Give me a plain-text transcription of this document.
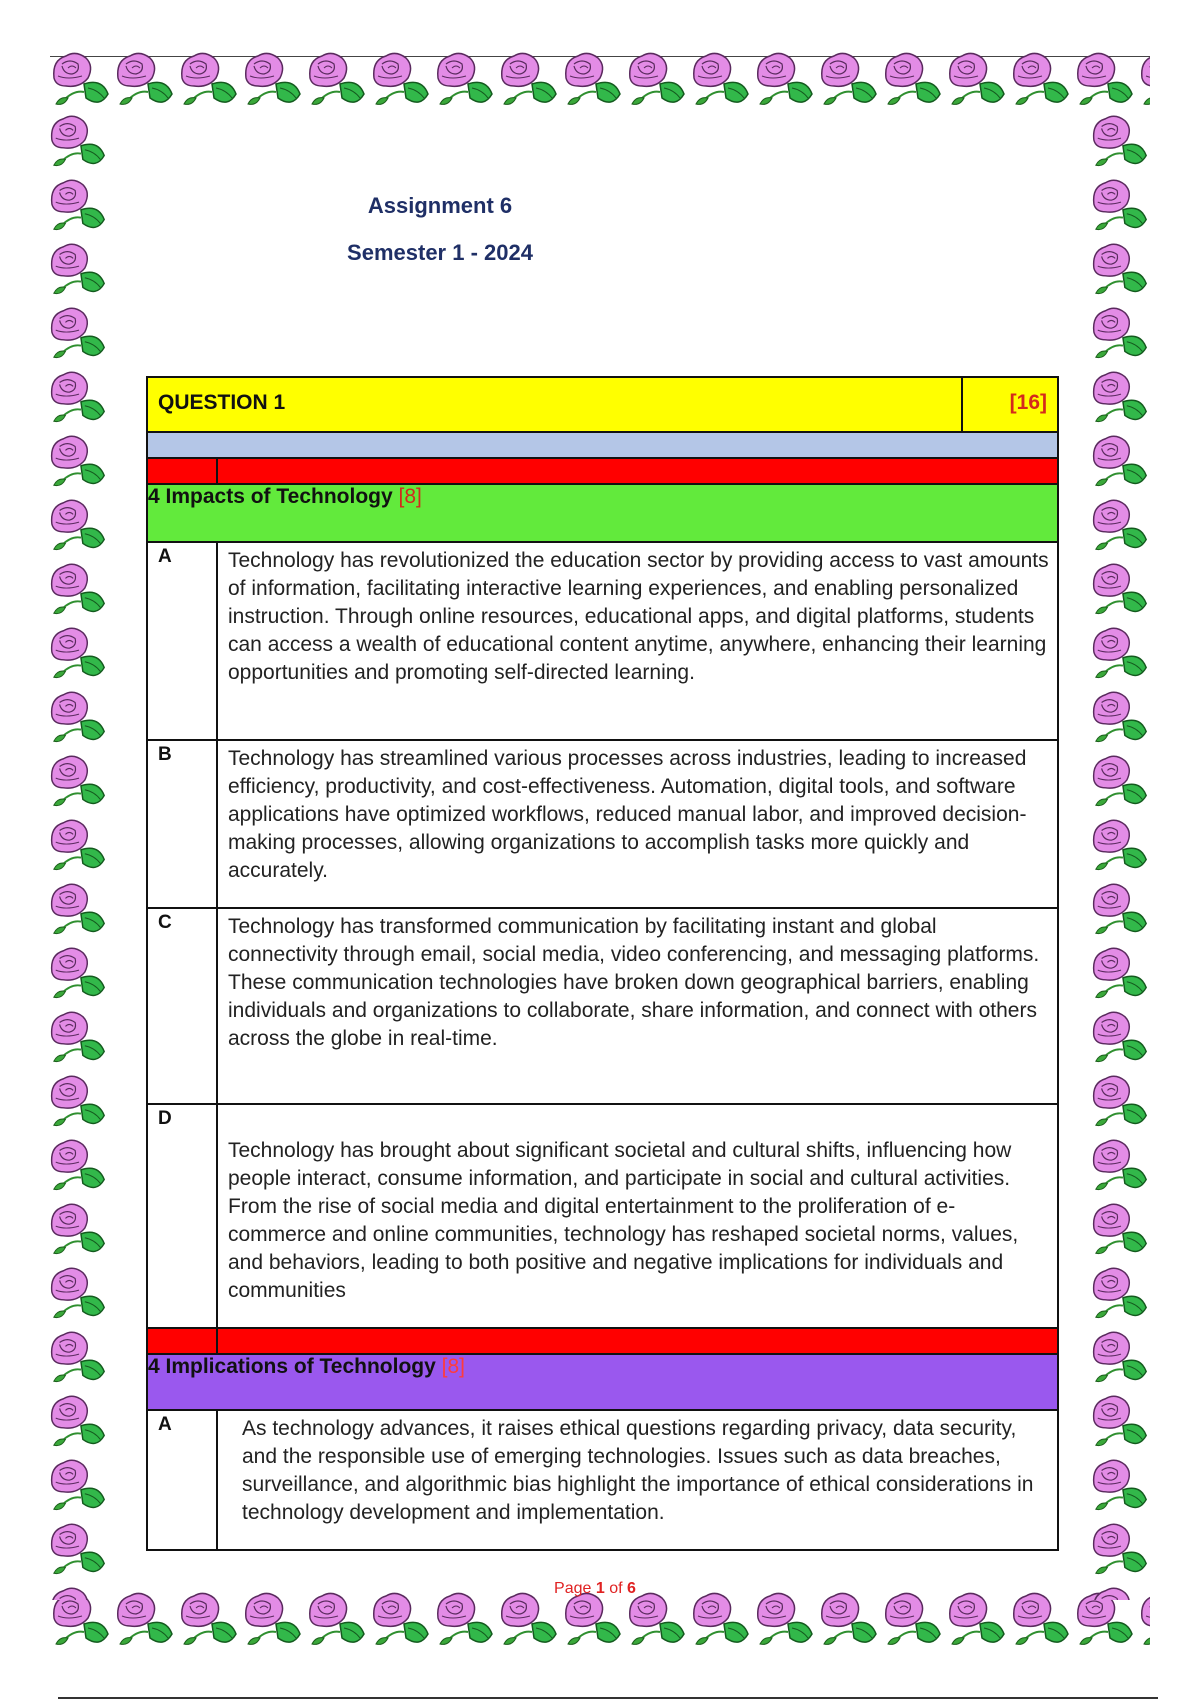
Assignment 6
Semester 1 - 2024
QUESTION 1		[16]

4 Impacts of Technology [8]		
A	Technology has revolutionized the education sector by providing access to vast amounts of information, facilitating interactive learning experiences, and enabling personalized instruction. Through online resources, educational apps, and digital platforms, students can access a wealth of educational content anytime, anywhere, enhancing their learning opportunities and promoting self-directed learning.	
B	Technology has streamlined various processes across industries, leading to increased efficiency, productivity, and cost-effectiveness. Automation, digital tools, and software applications have optimized workflows, reduced manual labor, and improved decision-making processes, allowing organizations to accomplish tasks more quickly and accurately.	
C	Technology has transformed communication by facilitating instant and global connectivity through email, social media, video conferencing, and messaging platforms. These communication technologies have broken down geographical barriers, enabling individuals and organizations to collaborate, share information, and connect with others across the globe in real-time.	
D	Technology has brought about significant societal and cultural shifts, influencing how people interact, consume information, and participate in social and cultural activities. From the rise of social media and digital entertainment to the proliferation of e-commerce and online communities, technology has reshaped societal norms, values, and behaviors, leading to both positive and negative implications for individuals and communities	

4 Implications of Technology [8]		
A	As technology advances, it raises ethical questions regarding privacy, data security, and the responsible use of emerging technologies. Issues such as data breaches, surveillance, and algorithmic bias highlight the importance of ethical considerations in technology development and implementation.	
Page 1 of 6
